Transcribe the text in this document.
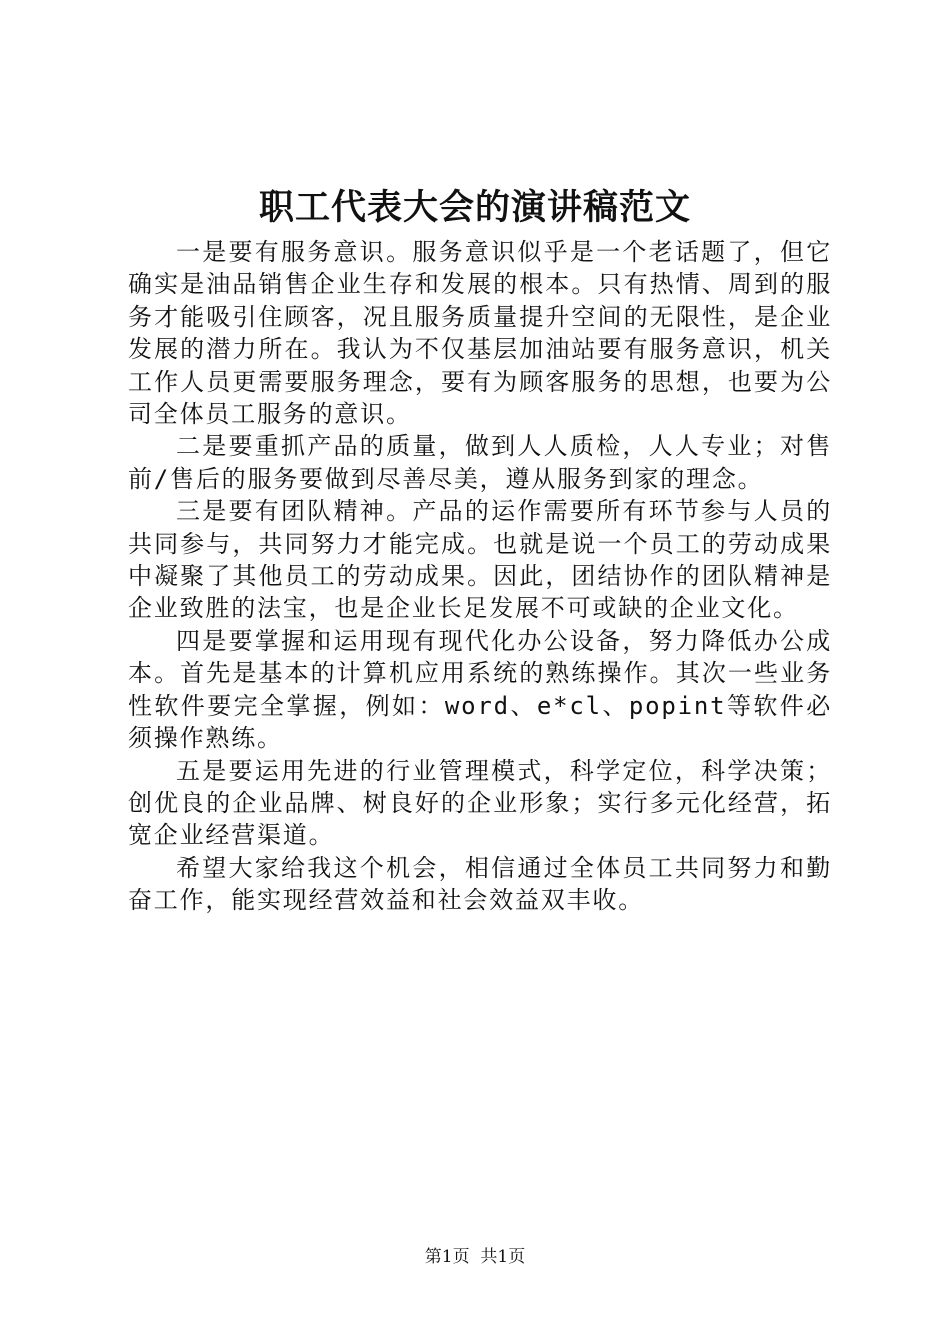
职工代表大会的演讲稿范文

一是要有服务意识。服务意识似乎是一个老话题了，但它确实是油品销售企业生存和发展的根本。只有热情、周到的服务才能吸引住顾客，况且服务质量提升空间的无限性，是企业发展的潜力所在。我认为不仅基层加油站要有服务意识，机关工作人员更需要服务理念，要有为顾客服务的思想，也要为公司全体员工服务的意识。

二是要重抓产品的质量，做到人人质检，人人专业；对售前/售后的服务要做到尽善尽美，遵从服务到家的理念。

三是要有团队精神。产品的运作需要所有环节参与人员的共同参与，共同努力才能完成。也就是说一个员工的劳动成果中凝聚了其他员工的劳动成果。因此，团结协作的团队精神是企业致胜的法宝，也是企业长足发展不可或缺的企业文化。

四是要掌握和运用现有现代化办公设备，努力降低办公成本。首先是基本的计算机应用系统的熟练操作。其次一些业务性软件要完全掌握，例如：word、e*cl、popint等软件必须操作熟练。

五是要运用先进的行业管理模式，科学定位，科学决策；创优良的企业品牌、树良好的企业形象；实行多元化经营，拓宽企业经营渠道。

希望大家给我这个机会，相信通过全体员工共同努力和勤奋工作，能实现经营效益和社会效益双丰收。

第1页 共1页
